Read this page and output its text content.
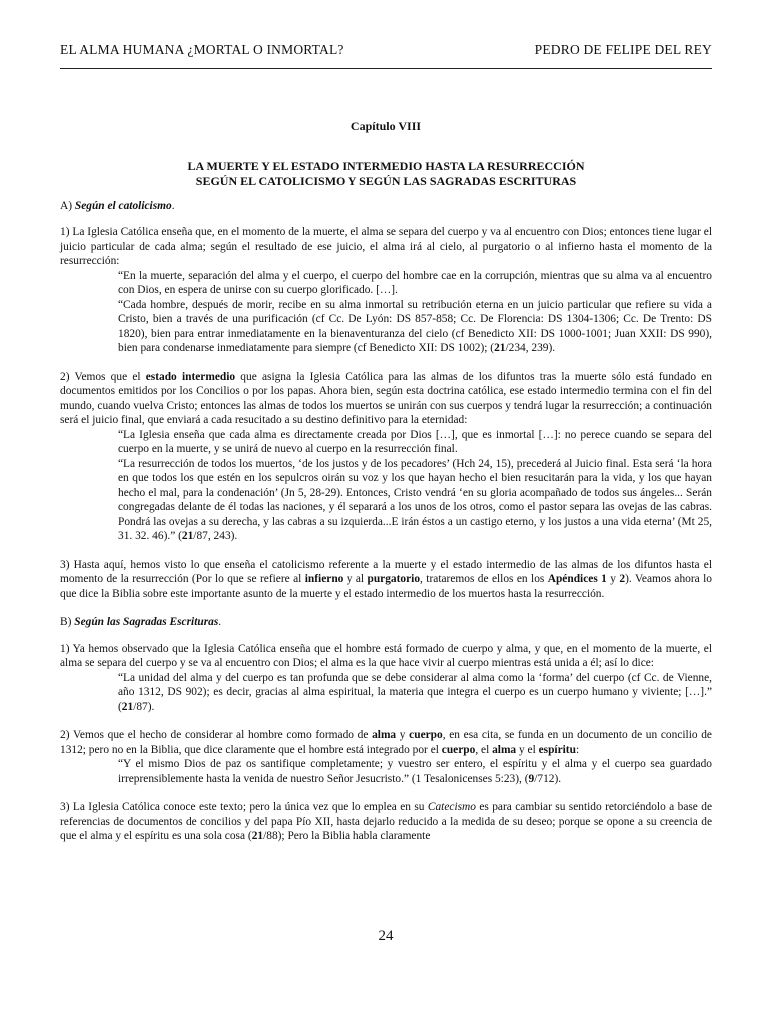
EL ALMA HUMANA ¿MORTAL O INMORTAL?	PEDRO DE FELIPE DEL REY
Capítulo VIII
LA MUERTE Y EL ESTADO INTERMEDIO HASTA LA RESURRECCIÓN
SEGÚN EL CATOLICISMO Y SEGÚN LAS SAGRADAS ESCRITURAS
A) Según el catolicismo.

1) La Iglesia Católica enseña que, en el momento de la muerte, el alma se separa del cuerpo y va al encuentro con Dios; entonces tiene lugar el juicio particular de cada alma; según el resultado de ese juicio, el alma irá al cielo, al purgatorio o al infierno hasta el momento de la resurrección:

“En la muerte, separación del alma y el cuerpo, el cuerpo del hombre cae en la corrupción, mientras que su alma va al encuentro con Dios, en espera de unirse con su cuerpo glorificado. […].
“Cada hombre, después de morir, recibe en su alma inmortal su retribución eterna en un juicio particular que refiere su vida a Cristo, bien a través de una purificación (cf Cc. De Lyón: DS 857-858; Cc. De Florencia: DS 1304-1306; Cc. De Trento: DS 1820), bien para entrar inmediatamente en la bienaventuranza del cielo (cf Benedicto XII: DS 1000-1001; Juan XXII: DS 990), bien para condenarse inmediatamente para siempre (cf Benedicto XII: DS 1002); (21/234, 239).

2) Vemos que el estado intermedio que asigna la Iglesia Católica para las almas de los difuntos tras la muerte sólo está fundado en documentos emitidos por los Concilios o por los papas. Ahora bien, según esta doctrina católica, ese estado intermedio termina con el fin del mundo, cuando vuelva Cristo; entonces las almas de todos los muertos se unirán con sus cuerpos y tendrá lugar la resurrección; a continuación será el juicio final, que enviará a cada resucitado a su destino definitivo para la eternidad:

“La Iglesia enseña que cada alma es directamente creada por Dios […], que es inmortal […]: no perece cuando se separa del cuerpo en la muerte, y se unirá de nuevo al cuerpo en la resurrección final.
“La resurrección de todos los muertos, ‘de los justos y de los pecadores’ (Hch 24, 15), precederá al Juicio final. Esta será ‘la hora en que todos los que estén en los sepulcros oirán su voz y los que hayan hecho el bien resucitarán para la vida, y los que hayan hecho el mal, para la condenación’ (Jn 5, 28-29). Entonces, Cristo vendrá ‘en su gloria acompañado de todos sus ángeles... Serán congregadas delante de él todas las naciones, y él separará a los unos de los otros, como el pastor separa las ovejas de las cabras. Pondrá las ovejas a su derecha, y las cabras a su izquierda...E irán éstos a un castigo eterno, y los justos a una vida eterna’ (Mt 25, 31. 32. 46).” (21/87, 243).

3) Hasta aquí, hemos visto lo que enseña el catolicismo referente a la muerte y el estado intermedio de las almas de los difuntos hasta el momento de la resurrección (Por lo que se refiere al infierno y al purgatorio, trataremos de ellos en los Apéndices 1 y 2). Veamos ahora lo que dice la Biblia sobre este importante asunto de la muerte y el estado intermedio de los muertos hasta la resurrección.

B) Según las Sagradas Escrituras.

1) Ya hemos observado que la Iglesia Católica enseña que el hombre está formado de cuerpo y alma, y que, en el momento de la muerte, el alma se separa del cuerpo y se va al encuentro con Dios; el alma es la que hace vivir al cuerpo mientras está unida a él; así lo dice:

“La unidad del alma y del cuerpo es tan profunda que se debe considerar al alma como la ‘forma’ del cuerpo (cf Cc. de Vienne, año 1312, DS 902); es decir, gracias al alma espiritual, la materia que integra el cuerpo es un cuerpo humano y viviente; […].” (21/87).

2) Vemos que el hecho de considerar al hombre como formado de alma y cuerpo, en esa cita, se funda en un documento de un concilio de 1312; pero no en la Biblia, que dice claramente que el hombre está integrado por el cuerpo, el alma y el espíritu:

“Y el mismo Dios de paz os santifique completamente; y vuestro ser entero, el espíritu y el alma y el cuerpo sea guardado irreprensiblemente hasta la venida de nuestro Señor Jesucristo.” (1 Tesalonicenses 5:23), (9/712).

3) La Iglesia Católica conoce este texto; pero la única vez que lo emplea en su Catecismo es para cambiar su sentido retorciéndolo a base de referencias de documentos de concilios y del papa Pío XII, hasta dejarlo reducido a la medida de su deseo; porque se opone a su creencia de que el alma y el espíritu es una sola cosa (21/88); Pero la Biblia habla claramente

24
